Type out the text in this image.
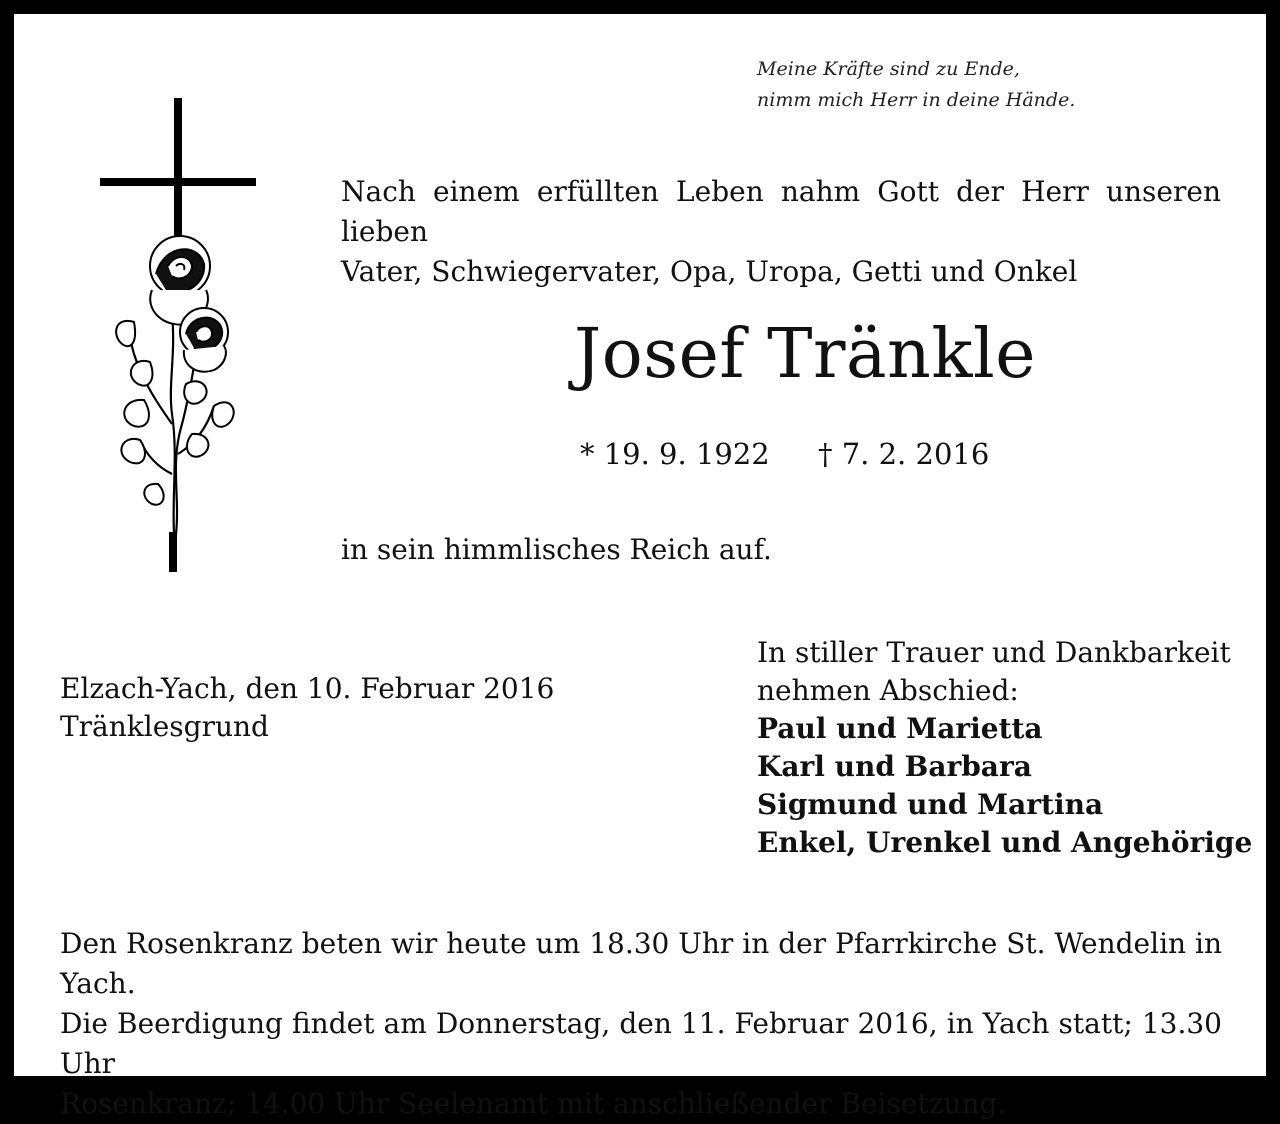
Meine Kräfte sind zu Ende,
nimm mich Herr in deine Hände.
Nach einem erfüllten Leben nahm Gott der Herr unseren lieben
Vater, Schwiegervater, Opa, Uropa, Getti und Onkel
Josef Tränkle
* 19. 9. 1922 † 7. 2. 2016
in sein himmlisches Reich auf.
Elzach-Yach, den 10. Februar 2016
Tränklesgrund
In stiller Trauer und Dankbarkeit
nehmen Abschied:
Paul und Marietta
Karl und Barbara
Sigmund und Martina
Enkel, Urenkel und Angehörige
Den Rosenkranz beten wir heute um 18.30 Uhr in der Pfarrkirche St. Wendelin in Yach.
Die Beerdigung findet am Donnerstag, den 11. Februar 2016, in Yach statt; 13.30 Uhr
Rosenkranz; 14.00 Uhr Seelenamt mit anschließender Beisetzung.
